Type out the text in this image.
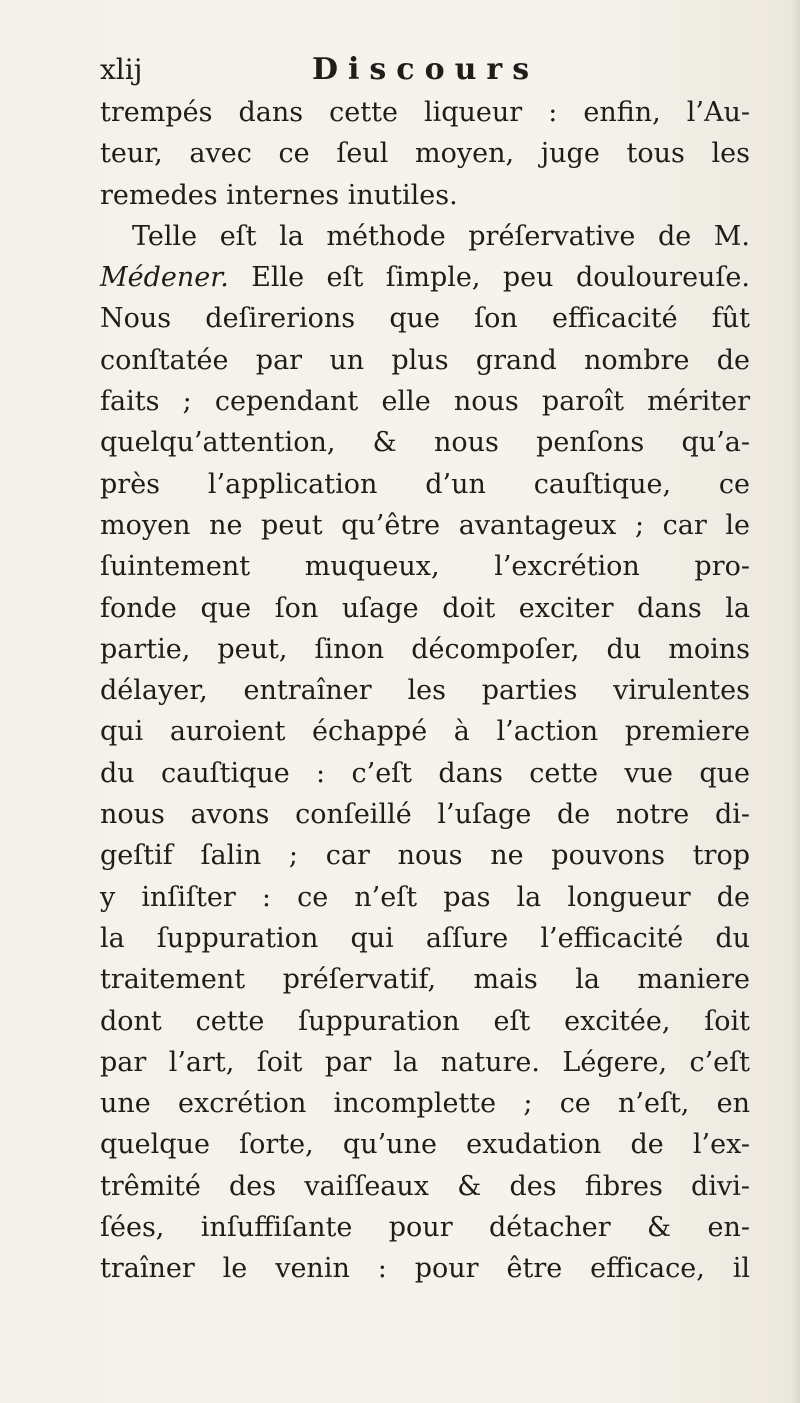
xlij	Discours
trempés dans cette liqueur : enfin, l’Au-
teur, avec ce ſeul moyen, juge tous les
remedes internes inutiles.
Telle eſt la méthode préſervative de M.
Médener. Elle eſt ſimple, peu douloureuſe.
Nous deſirerions que ſon efficacité fût
conſtatée par un plus grand nombre de
faits ; cependant elle nous paroît mériter
quelqu’attention, & nous penſons qu’a-
près l’application d’un cauſtique, ce
moyen ne peut qu’être avantageux ; car le
ſuintement muqueux, l’excrétion pro-
fonde que ſon uſage doit exciter dans la
partie, peut, ſinon décompoſer, du moins
délayer, entraîner les parties virulentes
qui auroient échappé à l’action premiere
du cauſtique : c’eſt dans cette vue que
nous avons conſeillé l’uſage de notre di-
geſtif ſalin ; car nous ne pouvons trop
y inſiſter : ce n’eſt pas la longueur de
la ſuppuration qui aſſure l’efficacité du
traitement préſervatif, mais la maniere
dont cette ſuppuration eſt excitée, ſoit
par l’art, ſoit par la nature. Légere, c’eſt
une excrétion incomplette ; ce n’eſt, en
quelque ſorte, qu’une exudation de l’ex-
trêmité des vaiſſeaux & des fibres divi-
ſées, inſuffiſante pour détacher & en-
traîner le venin : pour être efficace, il
